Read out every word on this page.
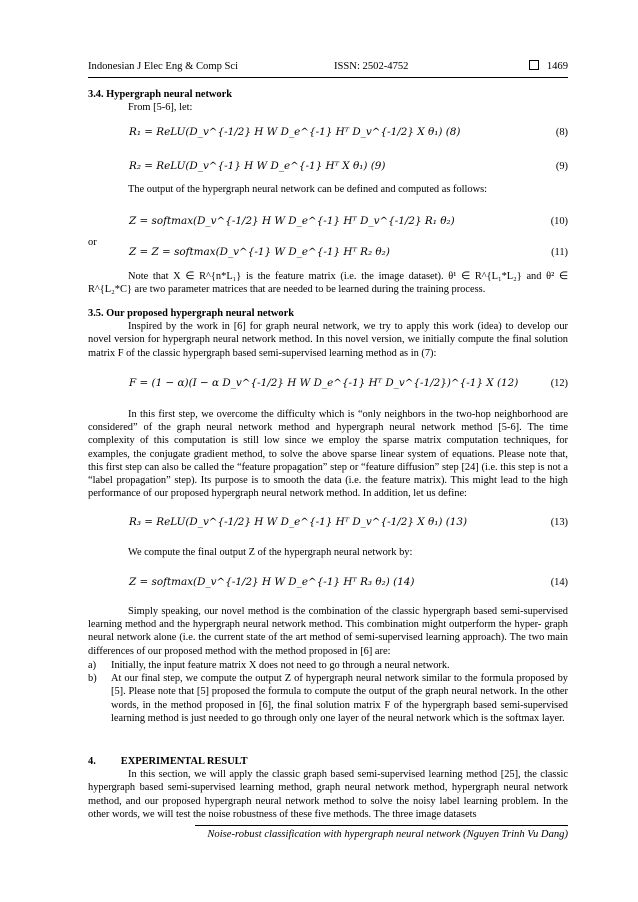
Indonesian J Elec Eng & Comp Sci	ISSN: 2502-4752	1469

3.4. Hypergraph neural network

From [5-6], let:

R₁ = ReLU(D_v^{-1/2} H W D_e^{-1} Hᵀ D_v^{-1/2} X θ₁) (8)	(8)
R₂ = ReLU(D_v^{-1} H W D_e^{-1} Hᵀ X θ₁) (9)	(9)

The output of the hypergraph neural network can be defined and computed as follows:

Z = softmax(D_v^{-1/2} H W D_e^{-1} Hᵀ D_v^{-1/2} R₁ θ₂)	(10)
or
Z = Z = softmax(D_v^{-1} W D_e^{-1} Hᵀ R₂ θ₂)	(11)

Note that X ∈ R^{n*L₁} is the feature matrix (i.e. the image dataset). θ¹ ∈ R^{L₁*L₂} and θ² ∈ R^{L₂*C} are two parameter matrices that are needed to be learned during the training process.

3.5. Our proposed hypergraph neural network

Inspired by the work in [6] for graph neural network, we try to apply this work (idea) to develop our novel version for hypergraph neural network method. In this novel version, we initially compute the final solution matrix F of the classic hypergraph based semi-supervised learning method as in (7):

F = (1 − α)(I − α D_v^{-1/2} H W D_e^{-1} Hᵀ D_v^{-1/2})^{-1} X (12)	(12)

In this first step, we overcome the difficulty which is “only neighbors in the two-hop neighborhood are considered” of the graph neural network method and hypergraph neural network method [5-6]. The time complexity of this computation is still low since we employ the sparse matrix computation techniques, for examples, the conjugate gradient method, to solve the above sparse linear system of equations. Please note that, this first step can also be called the “feature propagation” step or “feature diffusion” step [24] (i.e. this step is not a “label propagation” step). Its purpose is to smooth the data (i.e. the feature matrix). This might lead to the high performance of our proposed hypergraph neural network method. In addition, let us define:

R₃ = ReLU(D_v^{-1/2} H W D_e^{-1} Hᵀ D_v^{-1/2} X θ₁) (13)	(13)

We compute the final output Z of the hypergraph neural network by:

Z = softmax(D_v^{-1/2} H W D_e^{-1} Hᵀ R₃ θ₂) (14)	(14)

Simply speaking, our novel method is the combination of the classic hypergraph based semi-supervised learning method and the hypergraph neural network method. This combination might outperform the hyper- graph neural network alone (i.e. the current state of the art method of semi-supervised learning approach). The two main differences of our proposed method with the method proposed in [6] are:

a) Initially, the input feature matrix X does not need to go through a neural network.

b) At our final step, we compute the output Z of hypergraph neural network similar to the formula proposed by [5]. Please note that [5] proposed the formula to compute the output of the graph neural network. In the other words, in the method proposed in [6], the final solution matrix F of the hypergraph based semi-supervised learning method is just needed to go through only one layer of the neural network which is the softmax layer.

4. EXPERIMENTAL RESULT

In this section, we will apply the classic graph based semi-supervised learning method [25], the classic hypergraph based semi-supervised learning method, graph neural network method, hypergraph neural network method, and our proposed hypergraph neural network method to solve the noisy label learning problem. In the other words, we will test the noise robustness of these five methods. The three image datasets

Noise-robust classification with hypergraph neural network (Nguyen Trinh Vu Dang)
